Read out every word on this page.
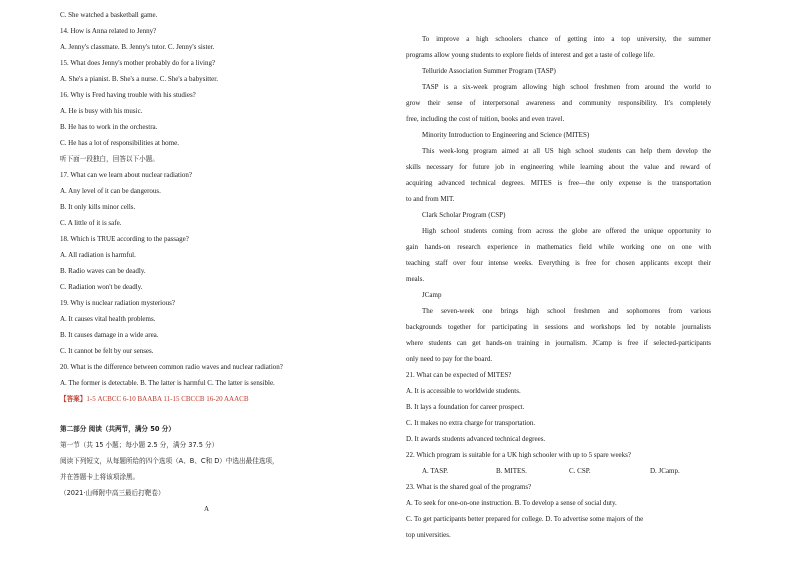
C. She watched a basketball game.
14. How is Anna related to Jenny?
A. Jenny's classmate. B. Jenny's tutor. C. Jenny's sister.
15. What does Jenny's mother probably do for a living?
A. She's a pianist. B. She's a nurse. C. She's a babysitter.
16. Why is Fred having trouble with his studies?
A. He is busy with his music.
B. He has to work in the orchestra.
C. He has a lot of responsibilities at home.
听下面一段独白，回答以下小题。
17. What can we learn about nuclear radiation?
A. Any level of it can be dangerous.
B. It only kills minor cells.
C. A little of it is safe.
18. Which is TRUE according to the passage?
A. All radiation is harmful.
B. Radio waves can be deadly.
C. Radiation won't be deadly.
19. Why is nuclear radiation mysterious?
A. It causes vital health problems.
B. It causes damage in a wide area.
C. It cannot be felt by our senses.
20. What is the difference between common radio waves and nuclear radiation?
A. The former is detectable. B. The latter is harmful C. The latter is sensible.
【答案】1-5 ACBCC 6-10 BAABA 11-15 CBCCB 16-20 AAACB
第二部分 阅读（共两节，满分 50 分）
第一节（共 15 小题；每小题 2.5 分，满分 37.5 分）
阅读下列短文，从每题所给的四个选项（A、B、C和 D）中选出最佳选项，
并在答题卡上将该项涂黑。
（2021·山师附中高三最后打靶卷）
A
To improve a high schoolers chance of getting into a top university, the summer
programs allow young students to explore fields of interest and get a taste of college life.
Telluride Association Summer Program (TASP)
TASP is a six-week program allowing high school freshmen from around the world to
grow their sense of interpersonal awareness and community responsibility. It's completely
free, including the cost of tuition, books and even travel.
Minority Introduction to Engineering and Science (MITES)
This week-long program aimed at all US high school students can help them develop the
skills necessary for future job in engineering while learning about the value and reward of
acquiring advanced technical degrees. MITES is free—the only expense is the transportation
to and from MIT.
Clark Scholar Program (CSP)
High school students coming from across the globe are offered the unique opportunity to
gain hands-on research experience in mathematics field while working one on one with
teaching staff over four intense weeks. Everything is free for chosen applicants except their
meals.
JCamp
The seven-week one brings high school freshmen and sophomores from various
backgrounds together for participating in sessions and workshops led by notable journalists
where students can get hands-on training in journalism. JCamp is free if selected-participants
only need to pay for the board.
21. What can be expected of MITES?
A. It is accessible to worldwide students.
B. It lays a foundation for career prospect.
C. It makes no extra charge for transportation.
D. It awards students advanced technical degrees.
22. Which program is suitable for a UK high schooler with up to 5 spare weeks?
A. TASP.	B. MITES.	C. CSP.	D. JCamp.
23. What is the shared goal of the programs?
A. To seek for one-on-one instruction. B. To develop a sense of social duty.
C. To get participants better prepared for college. D. To advertise some majors of the
top universities.
